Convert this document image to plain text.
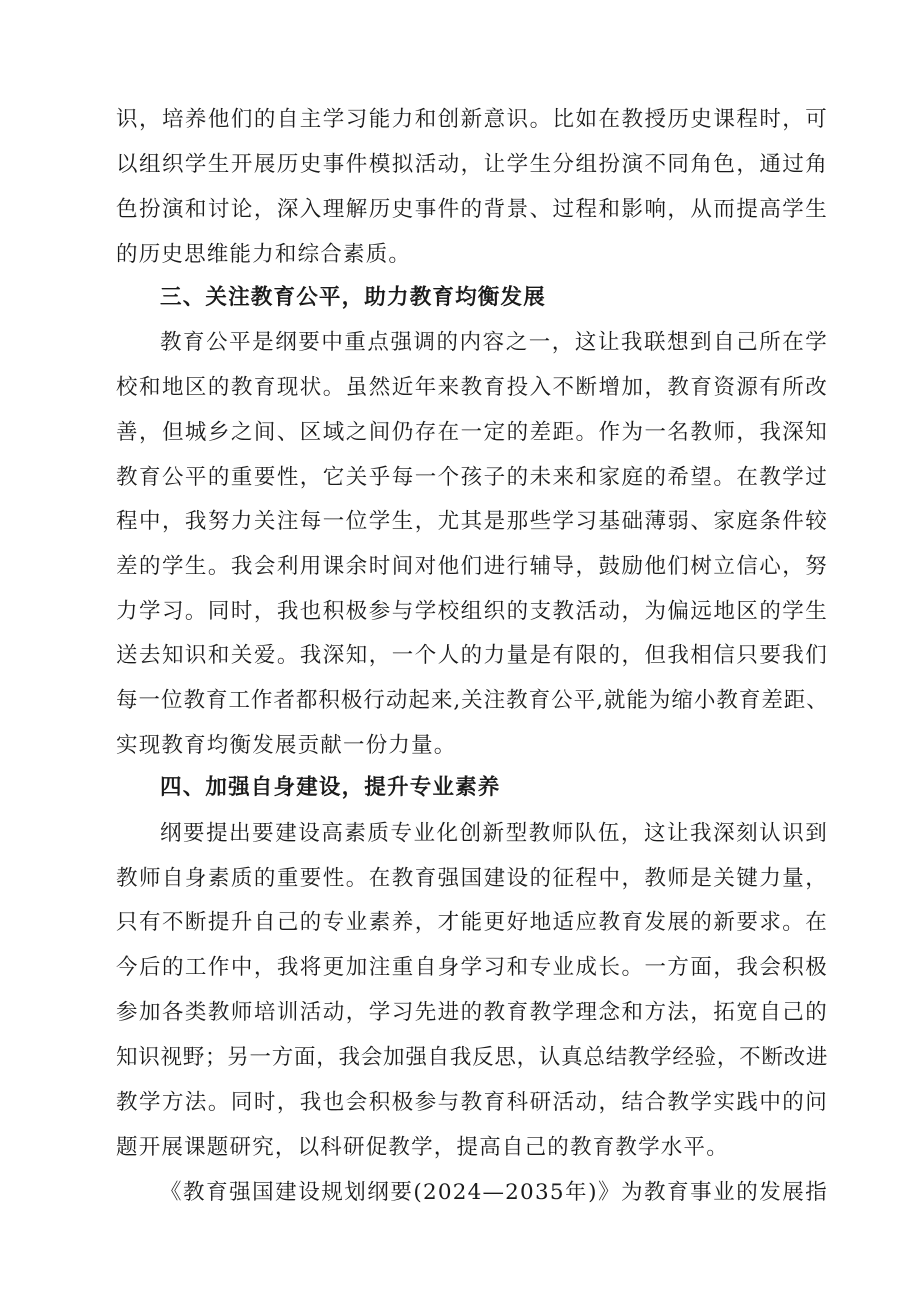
识，培养他们的自主学习能力和创新意识。比如在教授历史课程时，可
以组织学生开展历史事件模拟活动，让学生分组扮演不同角色，通过角
色扮演和讨论，深入理解历史事件的背景、过程和影响，从而提高学生
的历史思维能力和综合素质。
三、关注教育公平，助力教育均衡发展
教育公平是纲要中重点强调的内容之一，这让我联想到自己所在学
校和地区的教育现状。虽然近年来教育投入不断增加，教育资源有所改
善，但城乡之间、区域之间仍存在一定的差距。作为一名教师，我深知
教育公平的重要性，它关乎每一个孩子的未来和家庭的希望。在教学过
程中，我努力关注每一位学生，尤其是那些学习基础薄弱、家庭条件较
差的学生。我会利用课余时间对他们进行辅导，鼓励他们树立信心，努
力学习。同时，我也积极参与学校组织的支教活动，为偏远地区的学生
送去知识和关爱。我深知，一个人的力量是有限的，但我相信只要我们
每一位教育工作者都积极行动起来,关注教育公平,就能为缩小教育差距、
实现教育均衡发展贡献一份力量。
四、加强自身建设，提升专业素养
纲要提出要建设高素质专业化创新型教师队伍，这让我深刻认识到
教师自身素质的重要性。在教育强国建设的征程中，教师是关键力量，
只有不断提升自己的专业素养，才能更好地适应教育发展的新要求。在
今后的工作中，我将更加注重自身学习和专业成长。一方面，我会积极
参加各类教师培训活动，学习先进的教育教学理念和方法，拓宽自己的
知识视野；另一方面，我会加强自我反思，认真总结教学经验，不断改进
教学方法。同时，我也会积极参与教育科研活动，结合教学实践中的问
题开展课题研究，以科研促教学，提高自己的教育教学水平。
《教育强国建设规划纲要(2024—2035年)》为教育事业的发展指
